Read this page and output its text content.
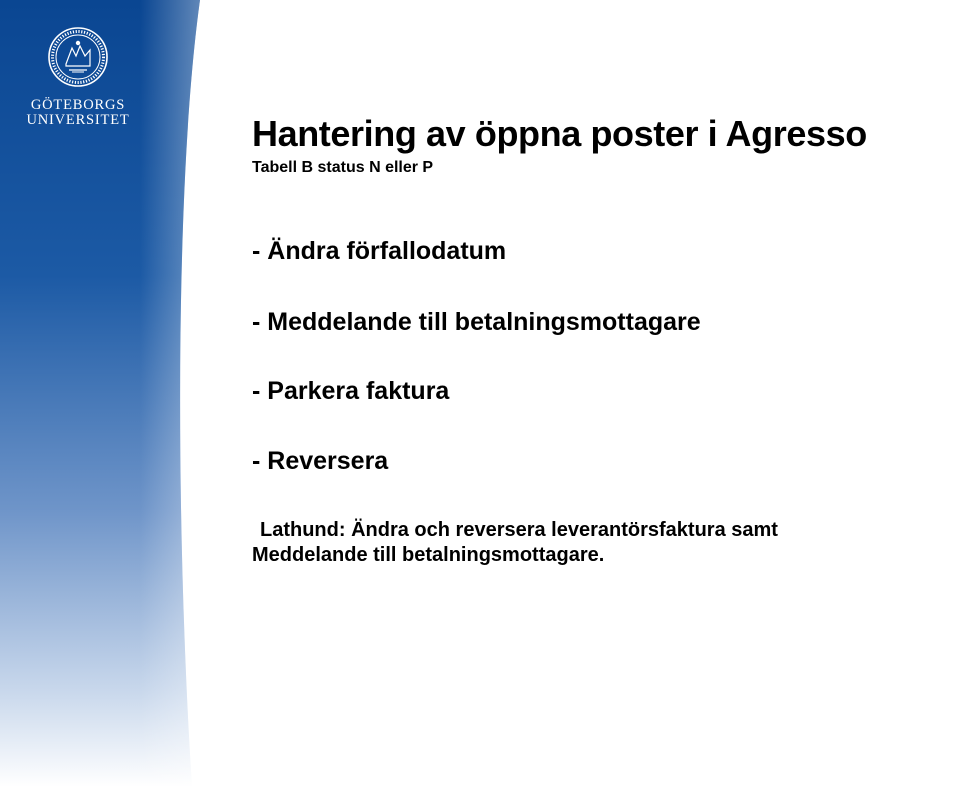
GÖTEBORGS
UNIVERSITET	Hantering av öppna poster i Agresso
Tabell B status N eller P
- Ändra förfallodatum
- Meddelande till betalningsmottagare
- Parkera faktura
- Reversera
Lathund: Ändra och reversera leverantörsfaktura samt
Meddelande till betalningsmottagare.
